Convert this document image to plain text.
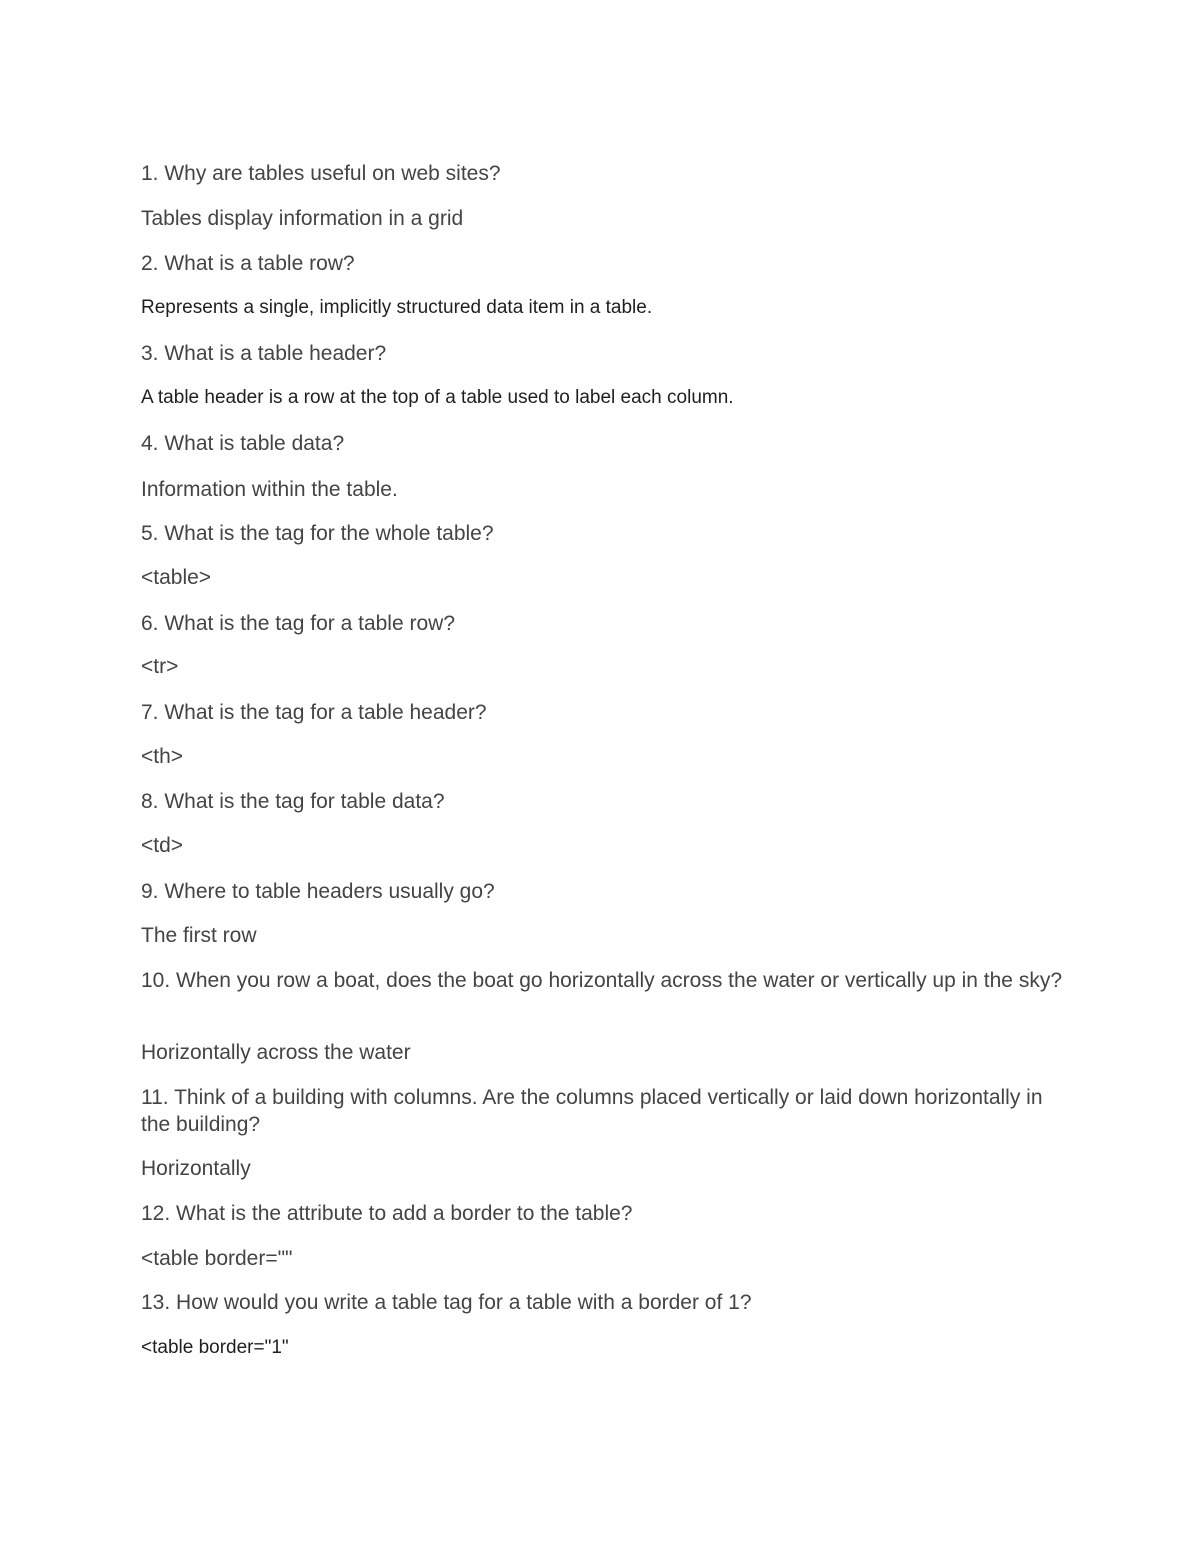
1. Why are tables useful on web sites?
Tables display information in a grid
2. What is a table row?
Represents a single, implicitly structured data item in a table.
3. What is a table header?
A table header is a row at the top of a table used to label each column.
4. What is table data?
Information within the table.
5. What is the tag for the whole table?
<table>
6. What is the tag for a table row?
<tr>
7. What is the tag for a table header?
<th>
8. What is the tag for table data?
<td>
9. Where to table headers usually go?
The first row
10. When you row a boat, does the boat go horizontally across the water or vertically up in the sky?
Horizontally across the water
11. Think of a building with columns. Are the columns placed vertically or laid down horizontally in the building?
Horizontally
12. What is the attribute to add a border to the table?
<table border=""
13. How would you write a table tag for a table with a border of 1?
<table border="1"
